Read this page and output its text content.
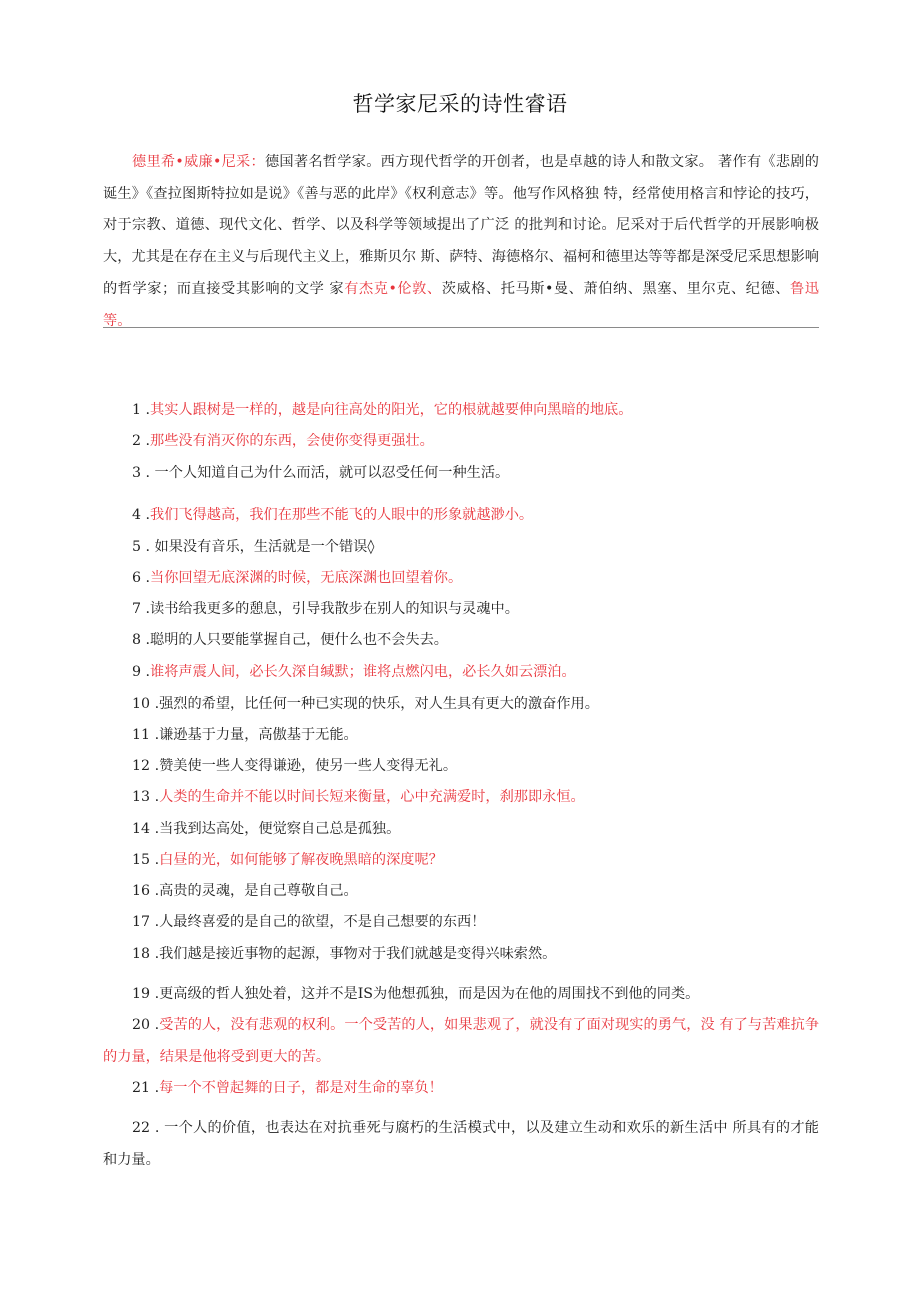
哲学家尼采的诗性睿语
德里希•威廉•尼采：德国著名哲学家。西方现代哲学的开创者，也是卓越的诗人和散文家。 著作有《悲剧的诞生》《查拉图斯特拉如是说》《善与恶的此岸》《权利意志》等。他写作风格独 特，经常使用格言和悖论的技巧，对于宗教、道德、现代文化、哲学、以及科学等领域提出了广泛 的批判和讨论。尼采对于后代哲学的开展影响极大，尤其是在存在主义与后现代主义上，雅斯贝尔 斯、萨特、海德格尔、福柯和德里达等等都是深受尼采思想影响的哲学家；而直接受其影响的文学 家有杰克•伦敦、茨威格、托马斯•曼、萧伯纳、黑塞、里尔克、纪德、鲁迅等。
1 .其实人跟树是一样的，越是向往高处的阳光，它的根就越要伸向黑暗的地底。
2 .那些没有消灭你的东西，会使你变得更强壮。
3 . 一个人知道自己为什么而活，就可以忍受任何一种生活。
4 .我们飞得越高，我们在那些不能飞的人眼中的形象就越渺小。
5 . 如果没有音乐，生活就是一个错误◊
6 .当你回望无底深渊的时候，无底深渊也回望着你。
7 .读书给我更多的憩息，引导我散步在别人的知识与灵魂中。
8 .聪明的人只要能掌握自己，便什么也不会失去。
9 .谁将声震人间，必长久深自缄默；谁将点燃闪电，必长久如云漂泊。
10 .强烈的希望，比任何一种已实现的快乐，对人生具有更大的激奋作用。
11 .谦逊基于力量，高傲基于无能。
12 .赞美使一些人变得谦逊，使另一些人变得无礼。
13 .人类的生命并不能以时间长短来衡量，心中充满爱时，刹那即永恒。
14 .当我到达高处，便觉察自己总是孤独。
15 .白昼的光，如何能够了解夜晚黑暗的深度呢？
16 .高贵的灵魂，是自己尊敬自己。
17 .人最终喜爱的是自己的欲望，不是自己想要的东西！
18 .我们越是接近事物的起源，事物对于我们就越是变得兴味索然。
19 .更高级的哲人独处着，这并不是IS为他想孤独，而是因为在他的周围找不到他的同类。
20 .受苦的人，没有悲观的权利。一个受苦的人，如果悲观了，就没有了面对现实的勇气，没 有了与苦难抗争的力量，结果是他将受到更大的苦。
21 .每一个不曾起舞的日子，都是对生命的辜负！
22 . 一个人的价值，也表达在对抗垂死与腐朽的生活模式中，以及建立生动和欢乐的新生活中 所具有的才能和力量。
